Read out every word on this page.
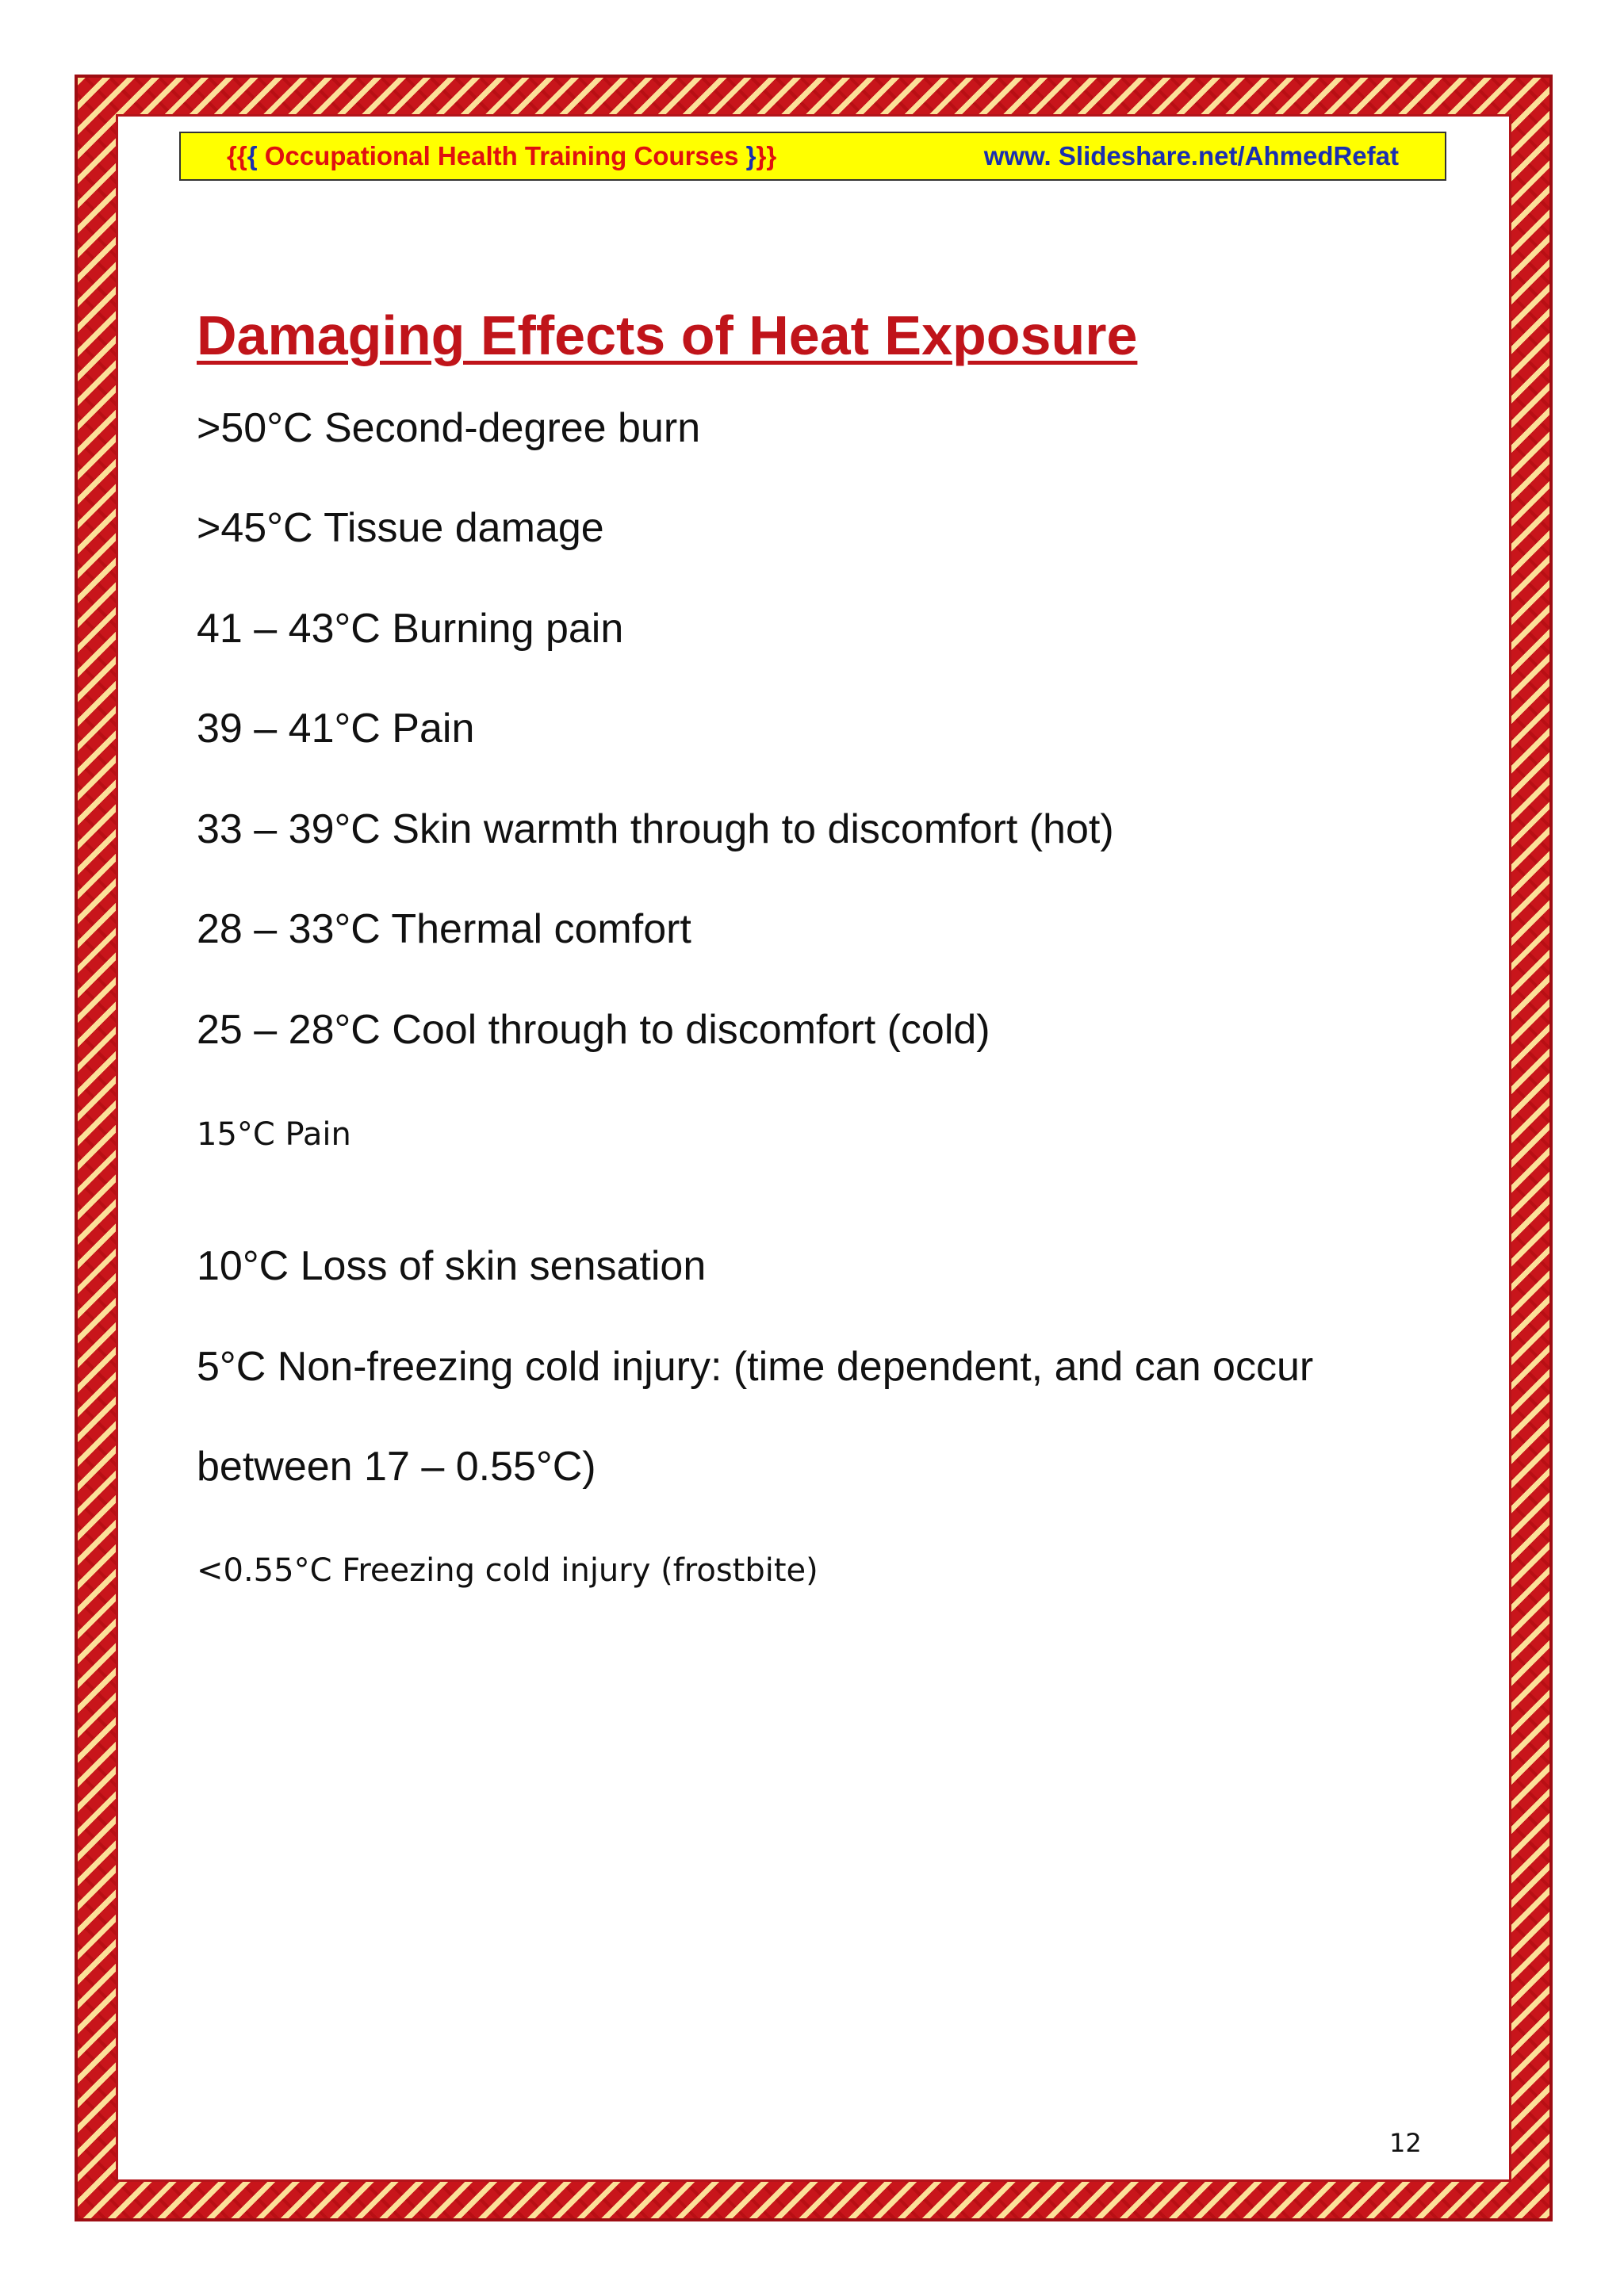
{{{ Occupational Health Training Courses }}}	www. Slideshare.net/AhmedRefat
Damaging Effects of Heat Exposure
>50°C Second-degree burn
>45°C Tissue damage
41 – 43°C Burning pain
39 – 41°C Pain
33 – 39°C Skin warmth through to discomfort (hot)
28 – 33°C Thermal comfort
25 – 28°C Cool through to discomfort (cold)
15°C Pain
10°C Loss of skin sensation
5°C Non-freezing cold injury: (time dependent, and can occur
between 17 – 0.55°C)
<0.55°C Freezing cold injury (frostbite)
12
